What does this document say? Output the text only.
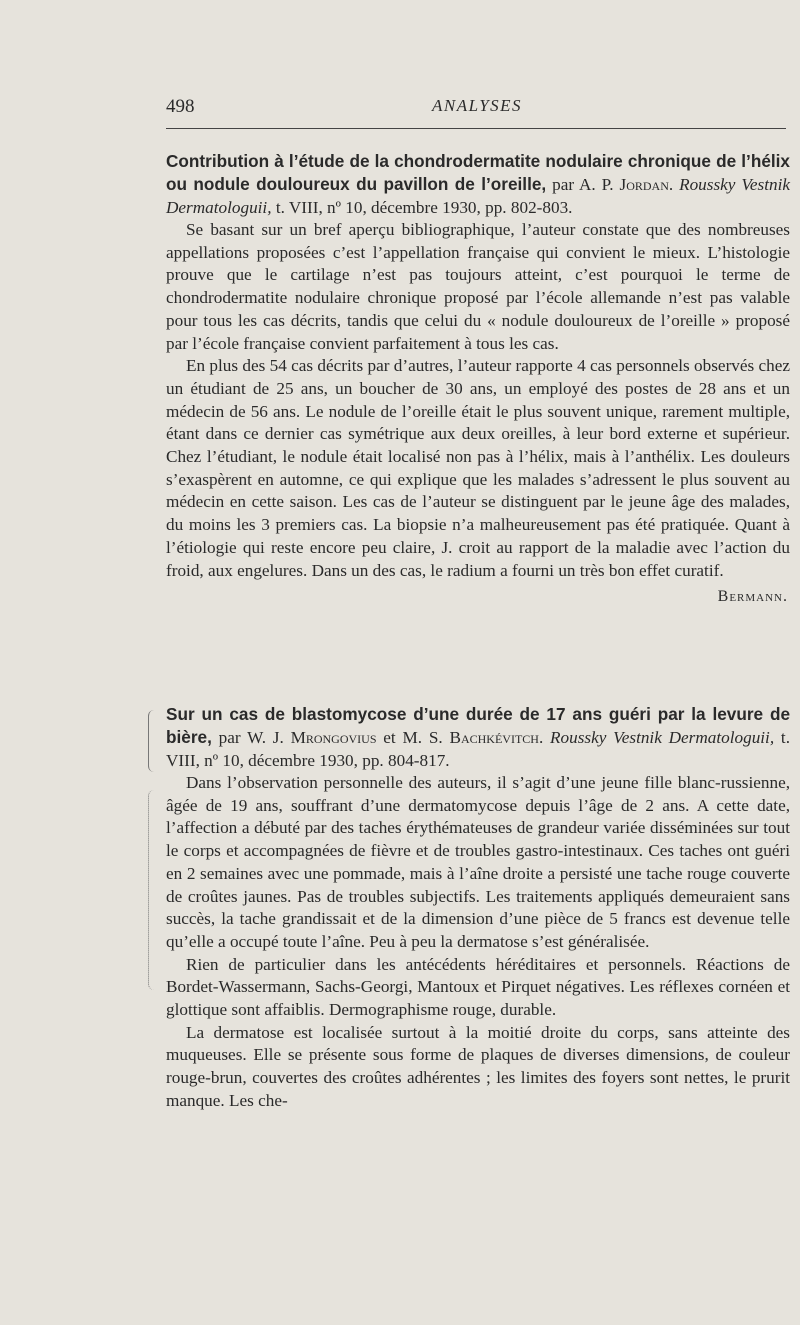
498	ANALYSES

Contribution à l’étude de la chondrodermatite nodulaire chronique de l’hélix ou nodule douloureux du pavillon de l’oreille, par A. P. Jordan. Roussky Vestnik Dermatologuii, t. VIII, nº 10, décembre 1930, pp. 802-803.

Se basant sur un bref aperçu bibliographique, l’auteur constate que des nombreuses appellations proposées c’est l’appellation française qui convient le mieux. L’histologie prouve que le cartilage n’est pas toujours atteint, c’est pourquoi le terme de chondrodermatite nodulaire chronique proposé par l’école allemande n’est pas valable pour tous les cas décrits, tandis que celui du « nodule douloureux de l’oreille » proposé par l’école française convient parfaitement à tous les cas.

En plus des 54 cas décrits par d’autres, l’auteur rapporte 4 cas personnels observés chez un étudiant de 25 ans, un boucher de 30 ans, un employé des postes de 28 ans et un médecin de 56 ans. Le nodule de l’oreille était le plus souvent unique, rarement multiple, étant dans ce dernier cas symétrique aux deux oreilles, à leur bord externe et supérieur. Chez l’étudiant, le nodule était localisé non pas à l’hélix, mais à l’anthélix. Les douleurs s’exaspèrent en automne, ce qui explique que les malades s’adressent le plus souvent au médecin en cette saison. Les cas de l’auteur se distinguent par le jeune âge des malades, du moins les 3 premiers cas. La biopsie n’a malheureusement pas été pratiquée. Quant à l’étiologie qui reste encore peu claire, J. croit au rapport de la maladie avec l’action du froid, aux engelures. Dans un des cas, le radium a fourni un très bon effet curatif.

Bermann.

Sur un cas de blastomycose d’une durée de 17 ans guéri par la levure de bière, par W. J. Mrongovius et M. S. Bachkévitch. Roussky Vestnik Dermatologuii, t. VIII, nº 10, décembre 1930, pp. 804-817.

Dans l’observation personnelle des auteurs, il s’agit d’une jeune fille blanc-russienne, âgée de 19 ans, souffrant d’une dermatomycose depuis l’âge de 2 ans. A cette date, l’affection a débuté par des taches érythémateuses de grandeur variée disséminées sur tout le corps et accompagnées de fièvre et de troubles gastro-intestinaux. Ces taches ont guéri en 2 semaines avec une pommade, mais à l’aîne droite a persisté une tache rouge couverte de croûtes jaunes. Pas de troubles subjectifs. Les traitements appliqués demeuraient sans succès, la tache grandissait et de la dimension d’une pièce de 5 francs est devenue telle qu’elle a occupé toute l’aîne. Peu à peu la dermatose s’est généralisée.

Rien de particulier dans les antécédents héréditaires et personnels. Réactions de Bordet-Wassermann, Sachs-Georgi, Mantoux et Pirquet négatives. Les réflexes cornéen et glottique sont affaiblis. Dermographisme rouge, durable.

La dermatose est localisée surtout à la moitié droite du corps, sans atteinte des muqueuses. Elle se présente sous forme de plaques de diverses dimensions, de couleur rouge-brun, couvertes des croûtes adhérentes ; les limites des foyers sont nettes, le prurit manque. Les che-
